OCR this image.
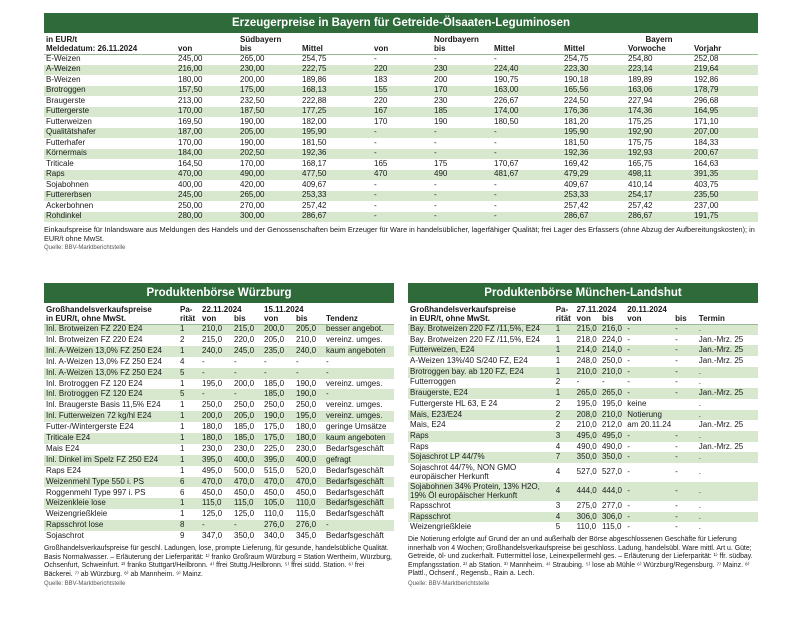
Erzeugerpreise in Bayern für Getreide-Ölsaaten-Leguminosen
in EUR/t		Südbayern			Nordbayern			Bayern	
Meldedatum: 26.11.2024	von	bis	Mittel	von	bis	Mittel	Mittel	Vorwoche	Vorjahr
E-Weizen	245,00	265,00	254,75	-	-	-	254,75	254,80	252,08
A-Weizen	216,00	230,00	222,75	220	230	224,40	223,30	223,14	219,64
B-Weizen	180,00	200,00	189,86	183	200	190,75	190,18	189,89	192,86
Brotroggen	157,50	175,00	168,13	155	170	163,00	165,56	163,06	178,79
Braugerste	213,00	232,50	222,88	220	230	226,67	224,50	227,94	296,68
Futtergerste	170,00	187,50	177,25	167	185	174,00	176,36	174,36	164,95
Futterweizen	169,50	190,00	182,00	170	190	180,50	181,20	175,25	171,10
Qualitätshafer	187,00	205,00	195,90	-	-	-	195,90	192,90	207,00
Futterhafer	170,00	190,00	181,50	-	-	-	181,50	175,75	184,33
Körnermais	184,00	202,50	192,36	-	-	-	192,36	192,93	200,67
Triticale	164,50	170,00	168,17	165	175	170,67	169,42	165,75	164,63
Raps	470,00	490,00	477,50	470	490	481,67	479,29	498,11	391,35
Sojabohnen	400,00	420,00	409,67	-	-	-	409,67	410,14	403,75
Futtererbsen	245,00	265,00	253,33	-	-	-	253,33	254,17	235,50
Ackerbohnen	250,00	270,00	257,42	-	-	-	257,42	257,42	237,00
Rohdinkel	280,00	300,00	286,67	-	-	-	286,67	286,67	191,75
Einkaufspreise für Inlandsware aus Meldungen des Handels und der Genossenschaften beim Erzeuger für Ware in handelsüblicher, lagerfähiger Qualität; frei Lager des Erfassers (ohne Abzug der Aufbereitungskosten); in EUR/t ohne MwSt.
Quelle: BBV-Marktberichtstelle
Produktenbörse Würzburg
Großhandelsverkaufspreise	Pa-	22.11.2024		15.11.2024		
in EUR/t, ohne MwSt.	rität	von	bis	von	bis	Tendenz
Inl. Brotweizen FZ 220 E24	1	210,0	215,0	200,0	205,0	besser angebot.
Inl. Brotweizen FZ 220 E24	2	215,0	220,0	205,0	210,0	vereinz. umges.
Inl. A-Weizen 13,0% FZ 250 E24	1	240,0	245,0	235,0	240,0	kaum angeboten
Inl. A-Weizen 13,0% FZ 250 E24	4	-	-	-	-	-
Inl. A-Weizen 13,0% FZ 250 E24	5	-	-	-	-	-
Inl. Brotroggen FZ 120 E24	1	195,0	200,0	185,0	190,0	vereinz. umges.
Inl. Brotroggen FZ 120 E24	5	-	-	185,0	190,0	-
Inl. Braugerste Basis 11,5% E24	1	250,0	250,0	250,0	250,0	vereinz. umges.
Inl. Futterweizen 72 kg/hl E24	1	200,0	205,0	190,0	195,0	vereinz. umges.
Futter-/Wintergerste E24	1	180,0	185,0	175,0	180,0	geringe Umsätze
Triticale E24	1	180,0	185,0	175,0	180,0	kaum angeboten
Mais E24	1	230,0	230,0	225,0	230,0	Bedarfsgeschäft
Inl. Dinkel im Spelz FZ 250 E24	1	395,0	400,0	395,0	400,0	gefragt
Raps E24	1	495,0	500,0	515,0	520,0	Bedarfsgeschäft
Weizenmehl Type 550 i. PS	6	470,0	470,0	470,0	470,0	Bedarfsgeschäft
Roggenmehl Type 997 i. PS	6	450,0	450,0	450,0	450,0	Bedarfsgeschäft
Weizenkleie lose	1	115,0	115,0	105,0	110,0	Bedarfsgeschäft
Weizengrießkleie	1	125,0	125,0	110,0	115,0	Bedarfsgeschäft
Rapsschrot lose	8	-	-	276,0	276,0	-
Sojaschrot	9	347,0	350,0	340,0	345,0	Bedarfsgeschäft
Großhandelsverkaufspreise für geschl. Ladungen, lose, prompte Lieferung, für gesunde, handelsübliche Qualität. Basis Normalwasser. – Erläuterung der Lieferparität: ¹⁾ franko Großraum Würzburg = Station Wertheim, Würzburg, Ochsenfurt, Schweinfurt. ²⁾ franko Stuttgart/Heilbronn. ⁴⁾ ffrei Stuttg./Heilbronn. ⁵⁾ ffrei südd. Station. ⁶⁾ frei Bäckerei. ⁷⁾ ab Würzburg. ⁸⁾ ab Mannheim. ⁹⁾ Mainz.
Quelle: BBV-Marktberichtstelle
Produktenbörse München-Landshut
Großhandelsverkaufspreise	Pa-	27.11.2024		20.11.2024		
in EUR/t, ohne MwSt.	rität	von	bis	von	bis	Termin
Bay. Brotweizen 220 FZ /11,5%, E24	1	215,0	216,0	-	-	.
Bay. Brotweizen 220 FZ /11,5%, E24	1	218,0	224,0	-	-	Jan.-Mrz. 25
Futterweizen, E24	1	214,0	214,0	-	-	Jan.-Mrz. 25
A-Weizen 13%/40 S/240 FZ, E24	1	248,0	250,0	-	-	Jan.-Mrz. 25
Brotroggen bay. ab 120 FZ, E24	1	210,0	210,0	-	-	.
Futterroggen	2	-	-	-	-	.
Braugerste, E24	1	265,0	265,0	-	-	Jan.-Mrz. 25
Futtergerste HL 63, E 24	2	195,0	195,0	keine		.
Mais, E23/E24	2	208,0	210,0	Notierung		.
Mais, E24	2	210,0	212,0	am 20.11.24		Jan.-Mrz. 25
Raps	3	495,0	495,0	-	-	.
Raps	4	490,0	490,0	-	-	Jan.-Mrz. 25
Sojaschrot LP 44/7%	7	350,0	350,0	-	-	.
Sojaschrot 44/7%, NON GMO europäischer Herkunft	4	527,0	527,0	-	-	.
Sojabohnen 34% Protein, 13% H2O, 19% Öl europäischer Herkunft	4	444,0	444,0	-	-	.
Rapsschrot	3	275,0	277,0	-	-	.
Rapsschrot	4	306,0	306,0	-	-	.
Weizengrießkleie	5	110,0	115,0	-	-	.
Die Notierung erfolgte auf Grund der an und außerhalb der Börse abgeschlossenen Geschäfte für Lieferung innerhalb von 4 Wochen; Großhandelsverkaufspreise bei geschloss. Ladung, handelsübl. Ware mittl. Art u. Güte; Getreide, öl- und zuckerhalt. Futtermittel lose, Leinexpellermehl ges. – Erläuterung der Lieferparität: ¹⁾ ffr. südbay. Empfangsstation. ²⁾ ab Station. ³⁾ Mannheim. ⁴⁾ Straubing. ⁵⁾ lose ab Mühle ⁶⁾ Würzburg/Regensburg. ⁷⁾ Mainz. ⁸⁾ Plattl., Ochsenf., Regensb., Rain a. Lech.
Quelle: BBV-Marktberichtstelle
